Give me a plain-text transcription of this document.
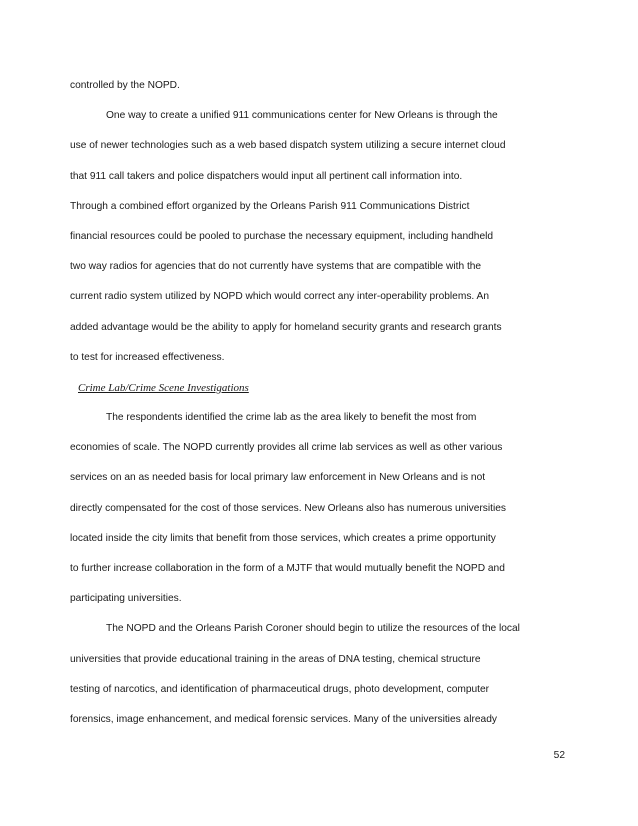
controlled by the NOPD.
One way to create a unified 911 communications center for New Orleans is through the
use of newer technologies such as a web based dispatch system utilizing a secure internet cloud
that 911 call takers and police dispatchers would input all pertinent call information into.
Through a combined effort organized by the Orleans Parish 911 Communications District
financial resources could be pooled to purchase the necessary equipment, including handheld
two way radios for agencies that do not currently have systems that are compatible with the
current radio system utilized by NOPD which would correct any inter-operability problems. An
added advantage would be the ability to apply for homeland security grants and research grants
to test for increased effectiveness.
Crime Lab/Crime Scene Investigations
The respondents identified the crime lab as the area likely to benefit the most from
economies of scale. The NOPD currently provides all crime lab services as well as other various
services on an as needed basis for local primary law enforcement in New Orleans and is not
directly compensated for the cost of those services. New Orleans also has numerous universities
located inside the city limits that benefit from those services, which creates a prime opportunity
to further increase collaboration in the form of a MJTF that would mutually benefit the NOPD and
participating universities.
The NOPD and the Orleans Parish Coroner should begin to utilize the resources of the local
universities that provide educational training in the areas of DNA testing, chemical structure
testing of narcotics, and identification of pharmaceutical drugs, photo development, computer
forensics, image enhancement, and medical forensic services. Many of the universities already
52
